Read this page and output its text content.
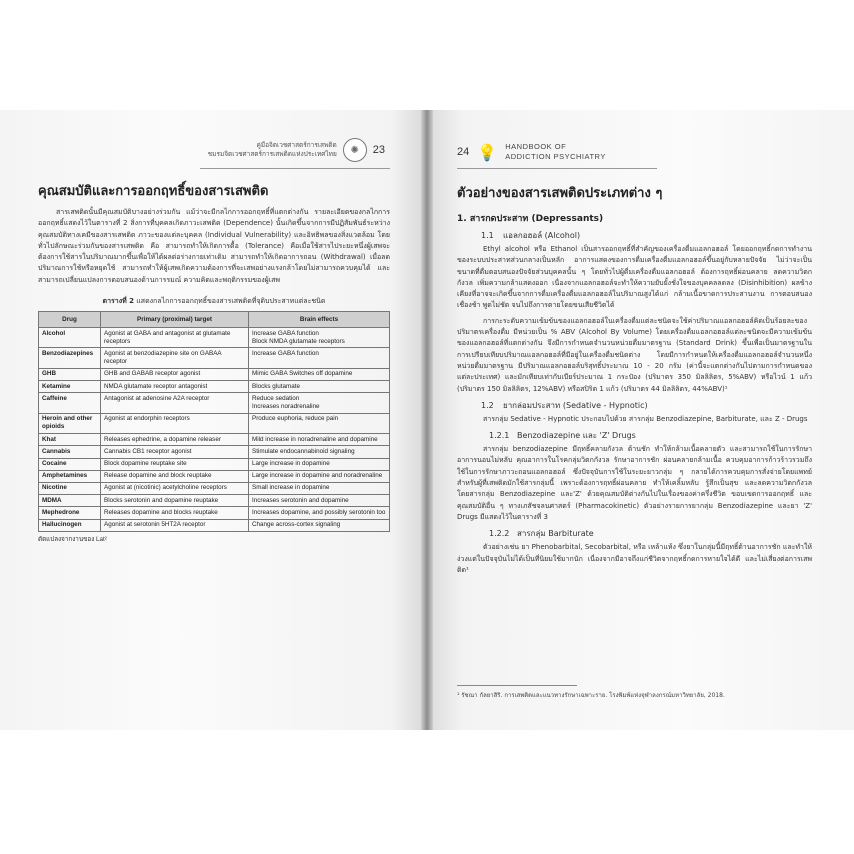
คู่มือจิตเวชศาสตร์การเสพติด
ชมรมจิตเวชศาสตร์การเสพติดแห่งประเทศไทย	✺	23
คุณสมบัติและการออกฤทธิ์ของสารเสพติด

สารเสพติดนั้นมีคุณสมบัติบางอย่างร่วมกัน แม้ว่าจะมีกลไกการออกฤทธิ์ที่แตกต่างกัน รายละเอียดของกลไกการออกฤทธิ์แสดงไว้ในตารางที่ 2 สิ่งการที่บุคคลเกิดภาวะเสพติด (Dependence) นั้นเกิดขึ้นจากการมีปฏิสัมพันธ์ระหว่างคุณสมบัติทางเคมีของสารเสพติด ภาวะของแต่ละบุคคล (Individual Vulnerability) และอิทธิพลของสิ่งแวดล้อม โดยทั่วไปลักษณะร่วมกันของสารเสพติด คือ สามารถทำให้เกิดการดื้อ (Tolerance) คือเมื่อใช้สารไประยะหนึ่งผู้เสพจะต้องการใช้สารในปริมาณมากขึ้นเพื่อให้ได้ผลต่อร่างกายเท่าเดิม สามารถทำให้เกิดอาการถอน (Withdrawal) เมื่อลดปริมาณการใช้หรือหยุดใช้ สามารถทำให้ผู้เสพเกิดความต้องการที่จะเสพอย่างแรงกล้าโดยไม่สามารถควบคุมได้ และสามารถเปลี่ยนแปลงการตอบสนองด้านการรมณ์ ความคิดและพฤติกรรมของผู้เสพ

ตารางที่ 2 แสดงกลไกการออกฤทธิ์ของสารเสพติดที่จุดิบประสาทแต่ละชนิด
Drug	Primary (proximal) target	Brain effects
Alcohol	Agonist at GABA and antagonist at glutamate receptors	Increase GABA function
Block NMDA glutamate receptors
Benzodiazepines	Agonist at benzodiazepine site on GABAA receptor	Increase GABA function
GHB	GHB and GABAB receptor agonist	Mimic GABA Switches off dopamine
Ketamine	NMDA glutamate receptor antagonist	Blocks glutamate
Caffeine	Antagonist at adenosine A2A receptor	Reduce sedation
Increases noradrenaline
Heroin and other opioids	Agonist at endorphin receptors	Produce euphoria, reduce pain
Khat	Releases ephedrine, a dopamine releaser	Mild increase in noradrenaline and dopamine
Cannabis	Cannabis CB1 receptor agonist	Stimulate endocannabinoid signaling
Cocaine	Block dopamine reuptake site	Large increase in dopamine
Amphetamines	Release dopamine and block reuptake	Large increase in dopamine and noradrenaline
Nicotine	Agonist at (nicotinic) acetylcholine receptors	Small increase in dopamine
MDMA	Blocks serotonin and dopamine reuptake	Increases serotonin and dopamine
Mephedrone	Releases dopamine and blocks reuptake	Increases dopamine, and possibly serotonin too
Hallucinogen	Agonist at serotonin 5HT2A receptor	Change across-cortex signaling
ดัดแปลงจากงานของ Lat²
24 💡 HANDBOOK OF
ADDICTION PSYCHIATRY
ตัวอย่างของสารเสพติดประเภทต่าง ๆ
1. สารกดประสาท (Depressants)
1.1 แอลกอฮอล์ (Alcohol)

Ethyl alcohol หรือ Ethanol เป็นสารออกฤทธิ์ที่สำคัญของเครื่องดื่มแอลกอฮอล์ โดยออกฤทธิ์กดการทำงานของระบบประสาทส่วนกลางเป็นหลัก อาการแสดงของการดื่มเครื่องดื่มแอลกอฮอล์ขึ้นอยู่กับหลายปัจจัย ไม่ว่าจะเป็นขนาดที่ดื่มตอบสนองปัจจัยส่วนบุคคลนั้น ๆ โดยทั่วไปผู้ดื่มเครื่องดื่มแอลกอฮอล์ ต้องการฤทธิ์ผ่อนคลาย ลดความวิตกกังวล เพิ่มความกล้าแสดงออก เนื่องจากแอลกอฮอล์จะทำให้ความยับยั้งชั่งใจของบุคคลลดลง (Disinhibition) ผลข้างเคียงที่อาจจะเกิดขึ้นจากการดื่มเครื่องดื่มแอลกอฮอล์ในปริมาณสูงได้แก่ กล้ามเนื้อขาดการประสานงาน การตอบสนองเชื่องช้า พูดไม่ชัด จนไปถึงการตายโดยขนเสียชีวิตได้

การกะระดับความเข้มข้นของแอลกอฮอล์ในเครื่องดื่มแต่ละชนิดจะใช้ค่าปริมาณแอลกอฮอล์คิดเป็นร้อยละของปริมาตรเครื่องดื่ม มีหน่วยเป็น % ABV (Alcohol By Volume) โดยเครื่องดื่มแอลกอฮอล์แต่ละชนิดจะมีความเข้มข้นของแอลกอฮอล์ที่แตกต่างกัน จึงมีการกำหนดจำนวนหน่วยดื่มมาตรฐาน (Standard Drink) ขึ้นเพื่อเป็นมาตรฐานในการเปรียบเทียบปริมาณแอลกอฮอล์ที่มีอยู่ในเครื่องดื่มชนิดต่าง โดยมีการกำหนดให้เครื่องดื่มแอลกอฮอล์จำนวนหนึ่งหน่วยดื่มมาตรฐาน มีปริมาณแอลกอฮอล์บริสุทธิ์ประมาณ 10 - 20 กรัม (ค่านี้จะแตกต่างกันไปตามการกำหนดของแต่ละประเทศ) และมักเทียบเท่ากับเบียร์ประมาณ 1 กระป๋อง (ปริมาตร 350 มิลลิลิตร, 5%ABV) หรือไวน์ 1 แก้ว (ปริมาตร 150 มิลลิลิตร, 12%ABV) หรือสปิริต 1 แก้ว (ปริมาตร 44 มิลลิลิตร, 44%ABV)¹

1.2 ยากล่อมประสาท (Sedative - Hypnotic)

สารกลุ่ม Sedative - Hypnotic ประกอบไปด้วย สารกลุ่ม Benzodiazepine, Barbiturate, และ Z - Drugs

1.2.1 Benzodiazepine และ 'Z' Drugs

สารกลุ่ม benzodiazepine มีฤทธิ์คลายกังวล ต้านชัก ทำให้กล้ามเนื้อคลายตัว และสามารถใช้ในการรักษาอาการนอนไม่หลับ คุณอาการในโรคกลุ่มวิตกกังวล รักษาอาการชัก ผ่อนคลายกล้ามเนื้อ ควบคุมอาการก้าวร้าวรวมถึงใช้ในการรักษาภาวะถอนแอลกอฮอล์ ซึ่งปัจจุบันการใช้ในระยะยาวกลุ่ม ๆ กลายได้การควบคุมการสั่งจ่ายโดยแพทย์ สำหรับผู้ที่เสพติดมักใช้สารกลุ่มนี้ เพราะต้องการฤทธิ์ผ่อนคลาย ทำให้เคลิ้มหลับ รู้สึกเป็นสุข และลดความวิตกกังวล โดยสารกลุ่ม Benzodiazepine และ'Z' ด้วยคุณสมบัติต่างกันไปในเรื่องของค่าครึ่งชีวิต ขอบเขตการออกฤทธิ์ และคุณสมบัติอื่น ๆ ทางเภสัชจลนศาสตร์ (Pharmacokinetic) ตัวอย่างรายการยากลุ่ม Benzodiazepine และยา 'Z' Drugs มีแสดงไว้ในตารางที่ 3

1.2.2 สารกลุ่ม Barbiturate

ตัวอย่างเช่น ยา Phenobarbital, Secobarbital, หรือ เหล้าแห้ง ซึ่งยาในกลุ่มนี้มีฤทธิ์ต้านอาการชัก และทำให้ง่วงแต่ในปัจจุบันไม่ได้เป็นที่นิยมใช้มากนัก เนื่องจากมีอาจถึงแก่ชีวิตจากฤทธิ์กดการหายใจได้ดี และไม่เสี่ยงต่อการเสพติด¹

¹ รัชณา กัลยาสิริ. การเสพติดและแนวทางรักษาเฉพาะราย. โรงพิมพ์แห่งจุฬาลงกรณ์มหาวิทยาลัย, 2018.
